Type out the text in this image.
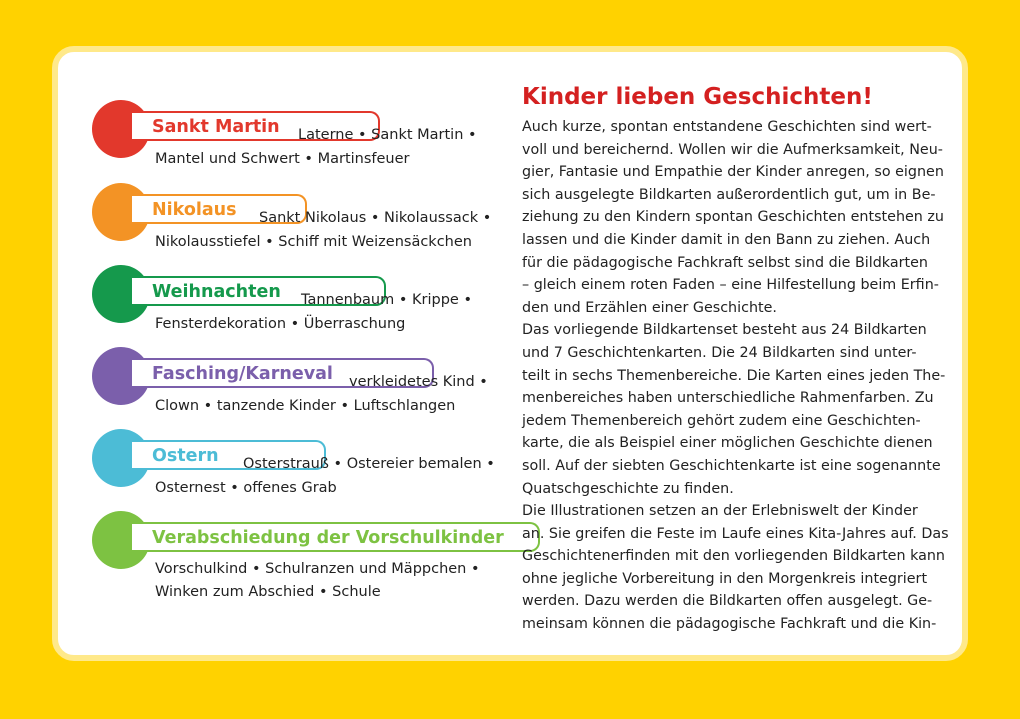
Sankt Martin	Laterne • Sankt Martin •
Mantel und Schwert • Martinsfeuer
Nikolaus	Sankt Nikolaus • Nikolaussack •
Nikolausstiefel • Schiff mit Weizensäckchen
Weihnachten	Tannenbaum • Krippe •
Fensterdekoration • Überraschung
Fasching/Karneval	verkleidetes Kind •
Clown • tanzende Kinder • Luftschlangen
Ostern	Osterstrauß • Ostereier bemalen •
Osternest • offenes Grab
Verabschiedung der Vorschulkinder
Vorschulkind • Schulranzen und Mäppchen •
Winken zum Abschied • Schule
Kinder lieben Geschichten!
Auch kurze, spontan entstandene Geschichten sind wert-
voll und bereichernd. Wollen wir die Aufmerksamkeit, Neu-
gier, Fantasie und Empathie der Kinder anregen, so eignen
sich ausgelegte Bildkarten außerordentlich gut, um in Be-
ziehung zu den Kindern spontan Geschichten entstehen zu
lassen und die Kinder damit in den Bann zu ziehen. Auch
für die pädagogische Fachkraft selbst sind die Bildkarten
– gleich einem roten Faden – eine Hilfestellung beim Erfin-
den und Erzählen einer Geschichte.
Das vorliegende Bildkartenset besteht aus 24 Bildkarten
und 7 Geschichtenkarten. Die 24 Bildkarten sind unter-
teilt in sechs Themenbereiche. Die Karten eines jeden The-
menbereiches haben unterschiedliche Rahmenfarben. Zu
jedem Themenbereich gehört zudem eine Geschichten-
karte, die als Beispiel einer möglichen Geschichte dienen
soll. Auf der siebten Geschichtenkarte ist eine sogenannte
Quatschgeschichte zu finden.
Die Illustrationen setzen an der Erlebniswelt der Kinder
an. Sie greifen die Feste im Laufe eines Kita-Jahres auf. Das
Geschichtenerfinden mit den vorliegenden Bildkarten kann
ohne jegliche Vorbereitung in den Morgenkreis integriert
werden. Dazu werden die Bildkarten offen ausgelegt. Ge-
meinsam können die pädagogische Fachkraft und die Kin-
